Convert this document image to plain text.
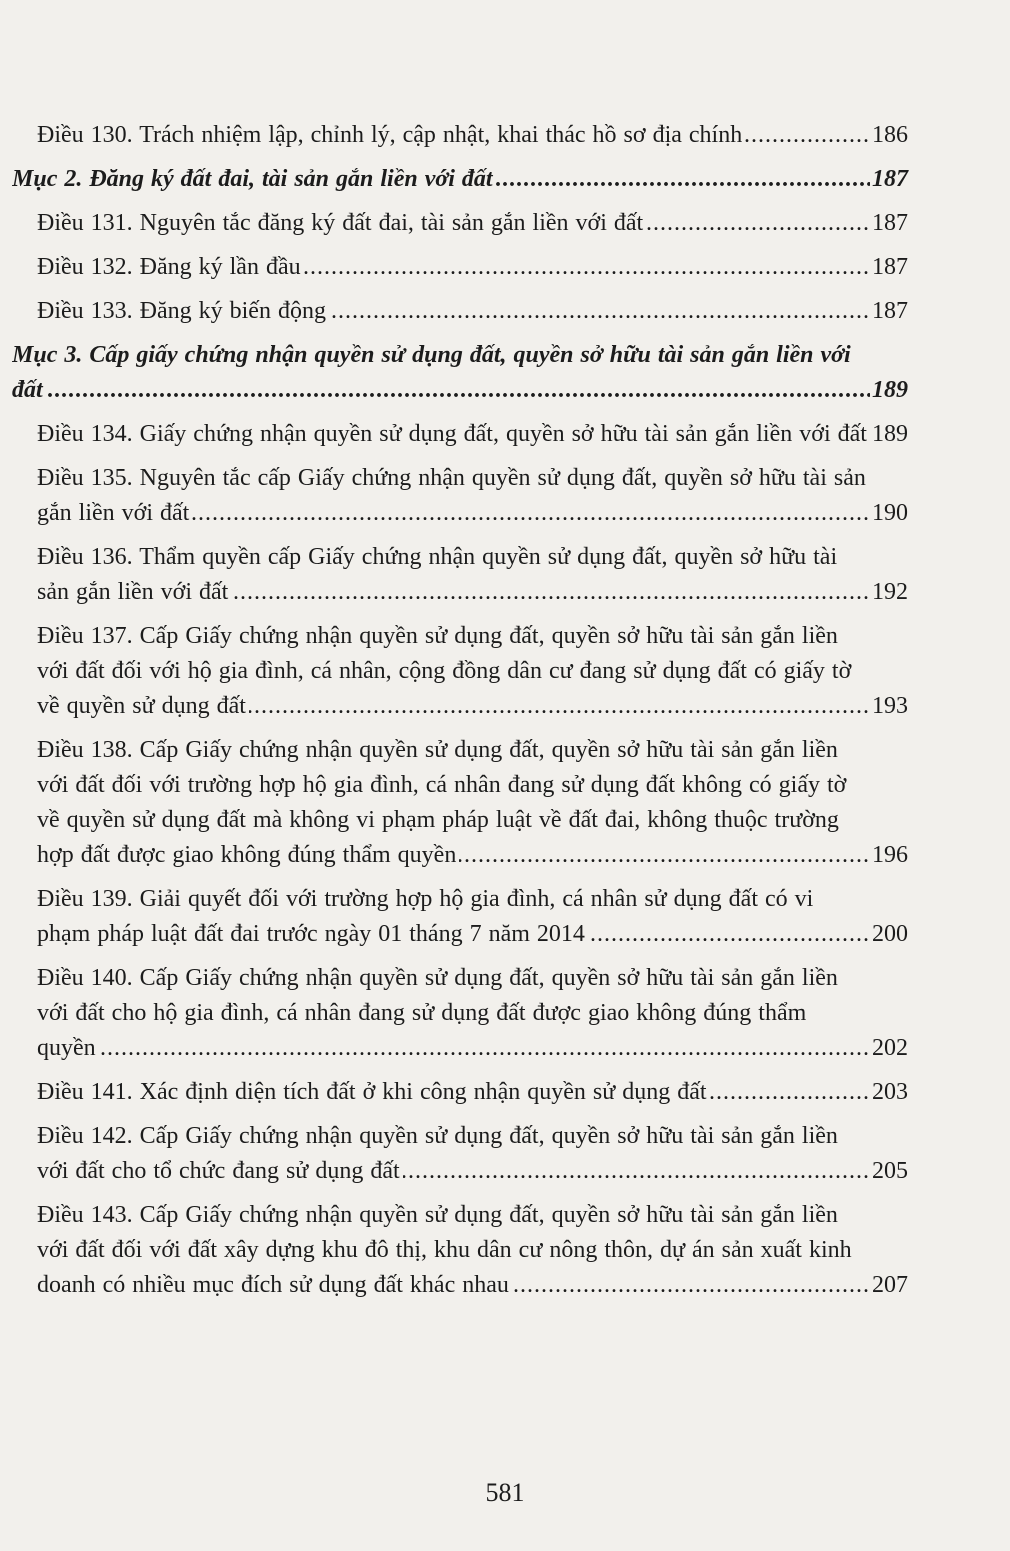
Điều 130. Trách nhiệm lập, chỉnh lý, cập nhật, khai thác hồ sơ địa chính .....	186
Mục 2. Đăng ký đất đai, tài sản gắn liền với đất .....	187
Điều 131. Nguyên tắc đăng ký đất đai, tài sản gắn liền với đất .....	187
Điều 132. Đăng ký lần đầu .....	187
Điều 133. Đăng ký biến động .....	187
Mục 3. Cấp giấy chứng nhận quyền sử dụng đất, quyền sở hữu tài sản gắn liền với đất .....	189
Điều 134. Giấy chứng nhận quyền sử dụng đất, quyền sở hữu tài sản gắn liền với đất ..... 189
Điều 135. Nguyên tắc cấp Giấy chứng nhận quyền sử dụng đất, quyền sở hữu tài sản gắn liền với đất .....	190
Điều 136. Thẩm quyền cấp Giấy chứng nhận quyền sử dụng đất, quyền sở hữu tài sản gắn liền với đất .....	192
Điều 137. Cấp Giấy chứng nhận quyền sử dụng đất, quyền sở hữu tài sản gắn liền với đất đối với hộ gia đình, cá nhân, cộng đồng dân cư đang sử dụng đất có giấy tờ về quyền sử dụng đất .....	193
Điều 138. Cấp Giấy chứng nhận quyền sử dụng đất, quyền sở hữu tài sản gắn liền với đất đối với trường hợp hộ gia đình, cá nhân đang sử dụng đất không có giấy tờ về quyền sử dụng đất mà không vi phạm pháp luật về đất đai, không thuộc trường hợp đất được giao không đúng thẩm quyền .....	196
Điều 139. Giải quyết đối với trường hợp hộ gia đình, cá nhân sử dụng đất có vi phạm pháp luật đất đai trước ngày 01 tháng 7 năm 2014 .....	200
Điều 140. Cấp Giấy chứng nhận quyền sử dụng đất, quyền sở hữu tài sản gắn liền với đất cho hộ gia đình, cá nhân đang sử dụng đất được giao không đúng thẩm quyền .....	202
Điều 141. Xác định diện tích đất ở khi công nhận quyền sử dụng đất .....	203
Điều 142. Cấp Giấy chứng nhận quyền sử dụng đất, quyền sở hữu tài sản gắn liền với đất cho tổ chức đang sử dụng đất .....	205
Điều 143. Cấp Giấy chứng nhận quyền sử dụng đất, quyền sở hữu tài sản gắn liền với đất đối với đất xây dựng khu đô thị, khu dân cư nông thôn, dự án sản xuất kinh doanh có nhiều mục đích sử dụng đất khác nhau .....	207
581
